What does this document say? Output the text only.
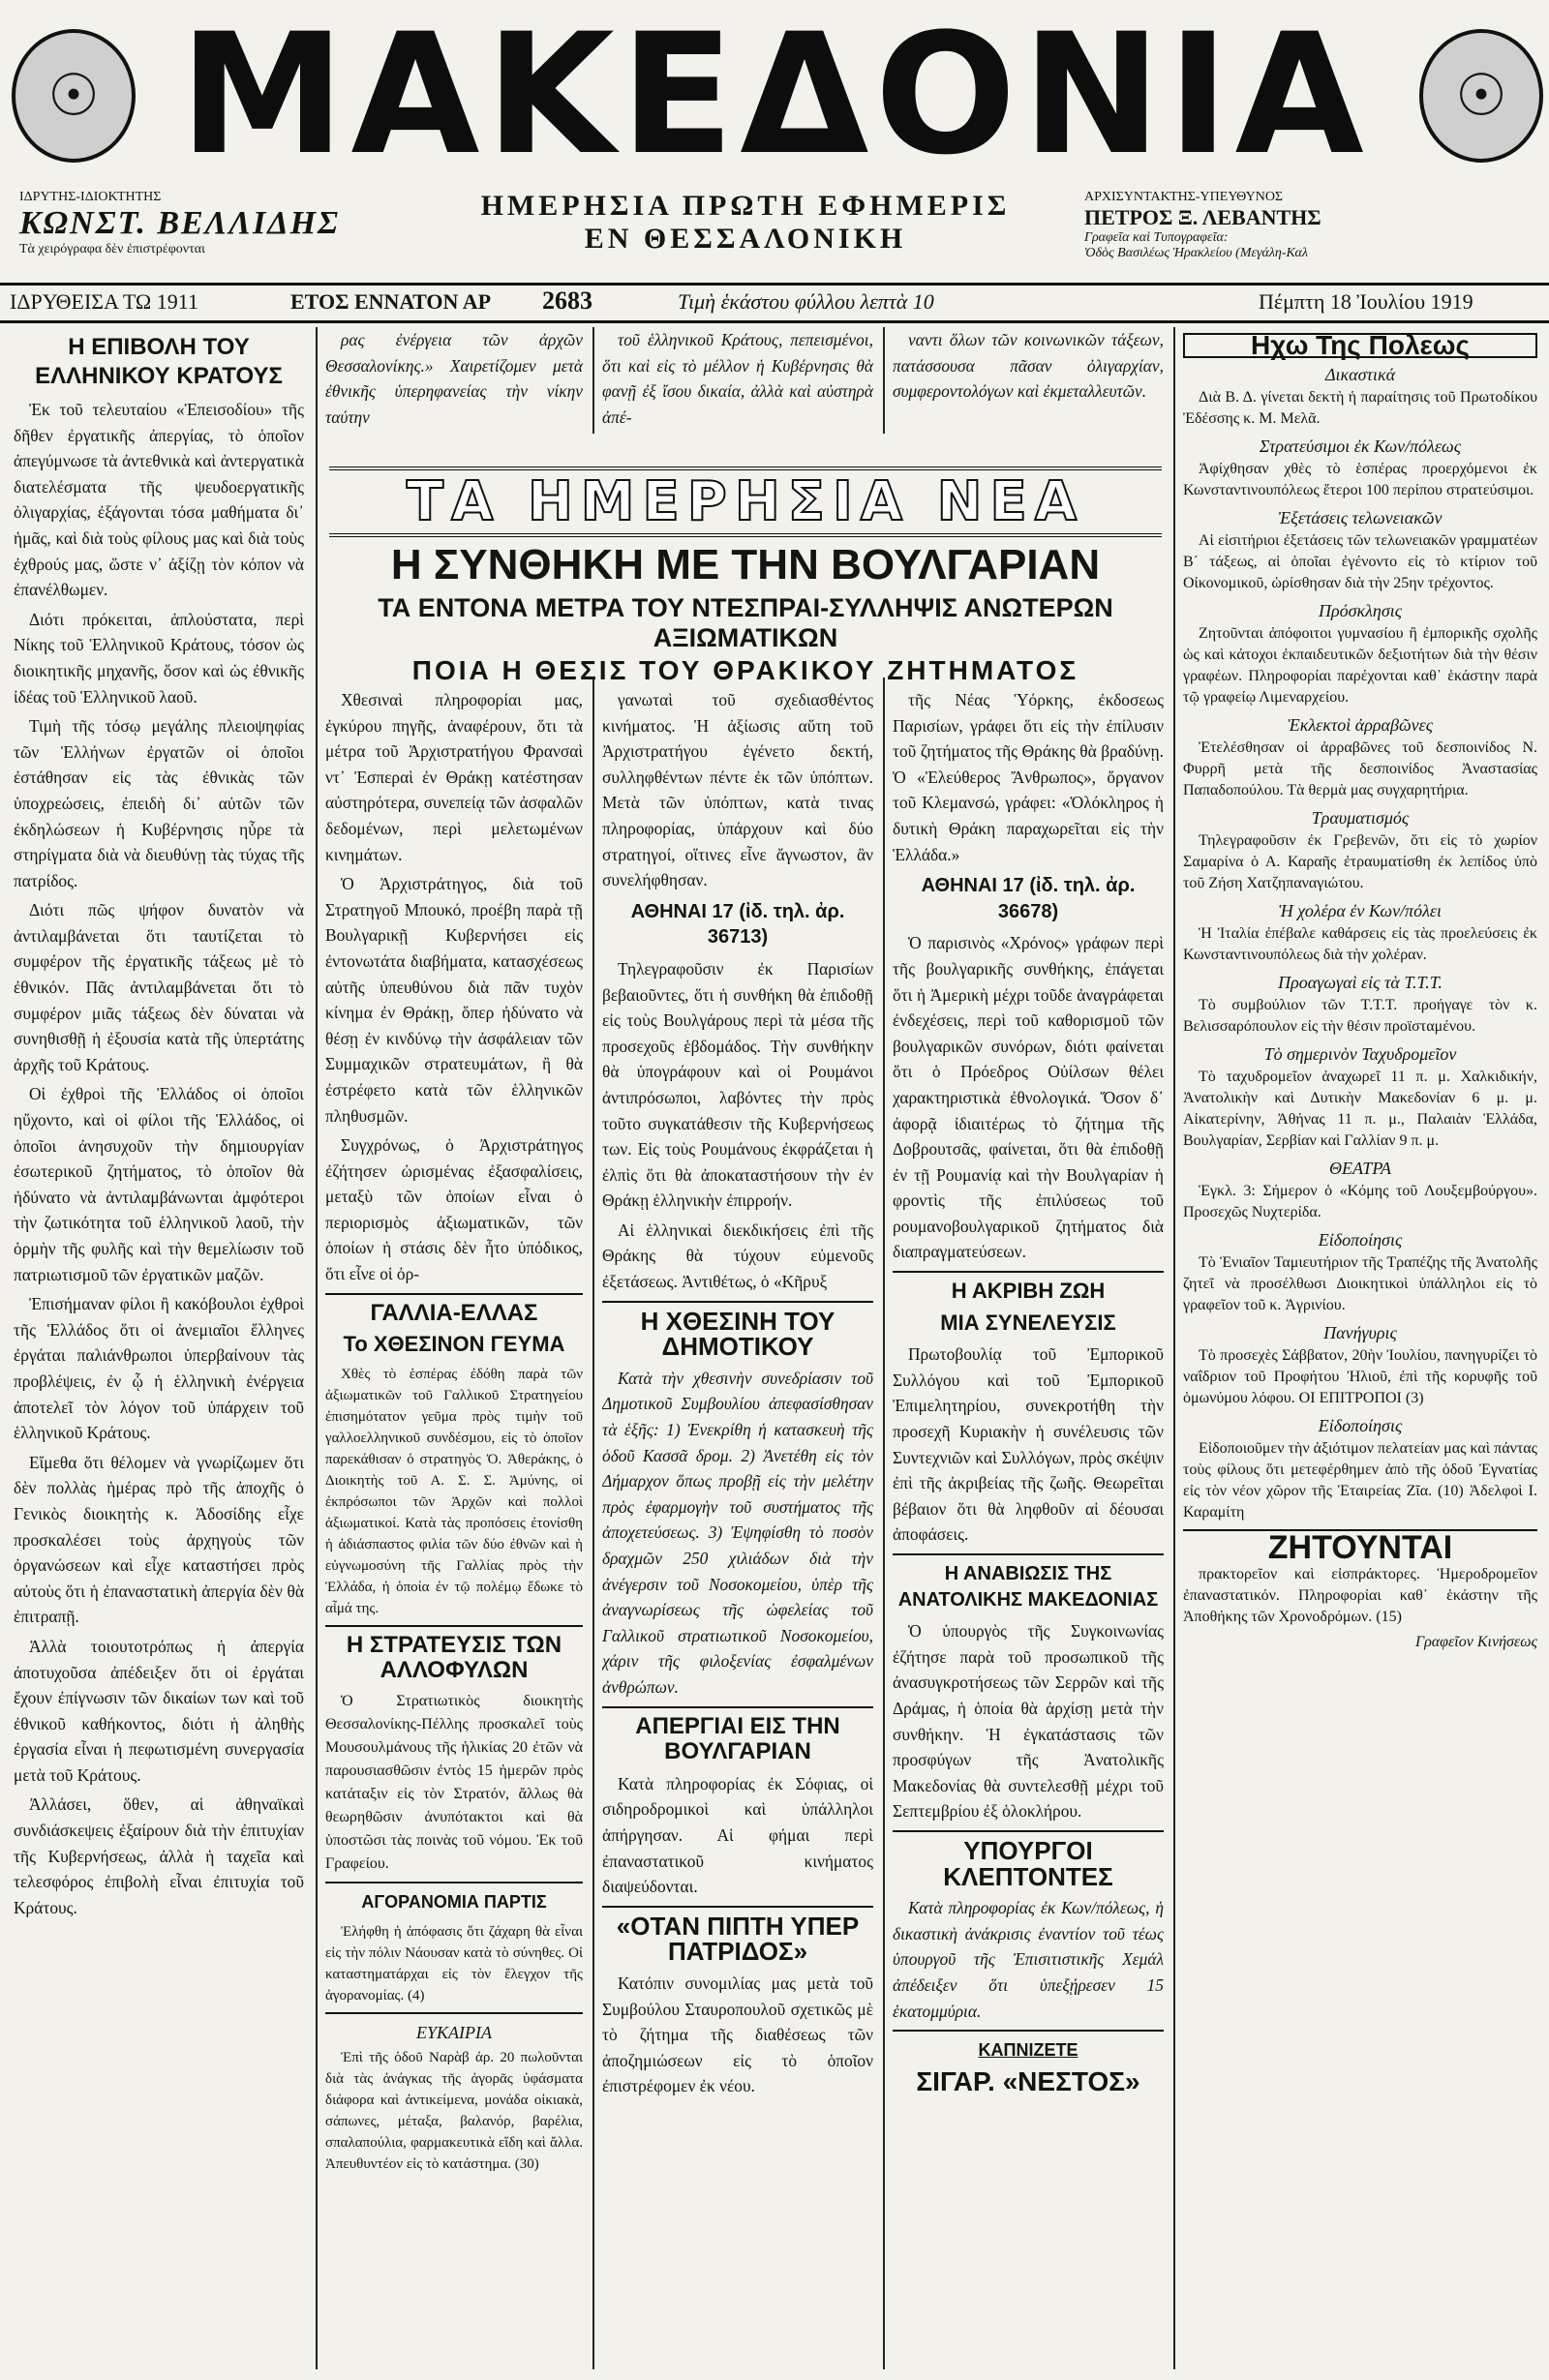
☉ ΜΑΚΕΔΟΝΙΑ	☉
ΙΔΡΥΤΗΣ-ΙΔΙΟΚΤΗΤΗΣ
ΚΩΝΣΤ. ΒΕΛΛΙΔΗΣ
Τὰ χειρόγραφα δὲν ἐπιστρέφονται
ΗΜΕΡΗΣΙΑ ΠΡΩΤΗ ΕΦΗΜΕΡΙΣ
ΕΝ ΘΕΣΣΑΛΟΝΙΚΗ
ΑΡΧΙΣΥΝΤΑΚΤΗΣ-ΥΠΕΥΘΥΝΟΣ
ΠΕΤΡΟΣ Ξ. ΛΕΒΑΝΤΗΣ
Γραφεῖα καὶ Τυπογραφεῖα:
Ὁδὸς Βασιλέως Ἡρακλείου (Μεγάλη-Καλ
ΙΔΡΥΘΕΙΣΑ ΤΩ 1911	ΕΤΟΣ ΕΝΝΑΤΟΝ ΑΡ 2683	Τιμὴ ἑκάστου φύλλου λεπτὰ 10	Πέμπτη 18 Ἰουλίου 1919
Η ΕΠΙΒΟΛΗ ΤΟΥ ΕΛΛΗΝΙΚΟΥ ΚΡΑΤΟΥΣ

Ἐκ τοῦ τελευταίου «Ἐπεισοδίου» τῆς δῆθεν ἐργατικῆς ἀπεργίας, τὸ ὁποῖον ἀπεγύμνωσε τὰ ἀντεθνικὰ καὶ ἀντεργατικὰ διατελέσματα τῆς ψευδοεργατικῆς ὀλιγαρχίας, ἐξάγονται τόσα μαθήματα δι᾽ ἡμᾶς, καὶ διὰ τοὺς φίλους μας καὶ διὰ τοὺς ἐχθρούς μας, ὥστε ν᾽ ἀξίζῃ τὸν κόπον νὰ ἐπανέλθωμεν.

Διότι πρόκειται, ἁπλούστατα, περὶ Νίκης τοῦ Ἑλληνικοῦ Κράτους, τόσον ὡς διοικητικῆς μηχανῆς, ὅσον καὶ ὡς ἐθνικῆς ἰδέας τοῦ Ἑλληνικοῦ λαοῦ.

Τιμὴ τῆς τόσῳ μεγάλης πλειοψηφίας τῶν Ἑλλήνων ἐργατῶν οἱ ὁποῖοι ἐστάθησαν εἰς τὰς ἐθνικὰς τῶν ὑποχρεώσεις, ἐπειδὴ δι᾽ αὐτῶν τῶν ἐκδηλώσεων ἡ Κυβέρνησις ηὗρε τὰ στηρίγματα διὰ νὰ διευθύνῃ τὰς τύχας τῆς πατρίδος.

Διότι πῶς ψήφον δυνατὸν νὰ ἀντιλαμβάνεται ὅτι ταυτίζεται τὸ συμφέρον τῆς ἐργατικῆς τάξεως μὲ τὸ ἐθνικόν. Πᾶς ἀντιλαμβάνεται ὅτι τὸ συμφέρον μιᾶς τάξεως δὲν δύναται νὰ συνηθισθῇ ἡ ἐξουσία κατὰ τῆς ὑπερτάτης ἀρχῆς τοῦ Κράτους.

Οἱ ἐχθροὶ τῆς Ἑλλάδος οἱ ὁποῖοι ηὔχοντο, καὶ οἱ φίλοι τῆς Ἑλλάδος, οἱ ὁποῖοι ἀνησυχοῦν τὴν δημιουργίαν ἐσωτερικοῦ ζητήματος, τὸ ὁποῖον θὰ ἠδύνατο νὰ ἀντιλαμβάνωνται ἀμφότεροι τὴν ζωτικότητα τοῦ ἑλληνικοῦ λαοῦ, τὴν ὁρμὴν τῆς φυλῆς καὶ τὴν θεμελίωσιν τοῦ πατριωτισμοῦ τῶν ἐργατικῶν μαζῶν.

Ἐπισήμαναν φίλοι ἢ κακόβουλοι ἐχθροὶ τῆς Ἑλλάδος ὅτι οἱ ἀνεμιαῖοι ἕλληνες ἐργάται παλιάνθρωποι ὑπερβαίνουν τὰς προβλέψεις, ἐν ᾧ ἡ ἑλληνικὴ ἐνέργεια ἀποτελεῖ τὸν λόγον τοῦ ὑπάρχειν τοῦ ἑλληνικοῦ Κράτους.

Εἴμεθα ὅτι θέλομεν νὰ γνωρίζωμεν ὅτι δὲν πολλὰς ἡμέρας πρὸ τῆς ἀποχῆς ὁ Γενικὸς διοικητὴς κ. Ἀδοσίδης εἶχε προσκαλέσει τοὺς ἀρχηγοὺς τῶν ὀργανώσεων καὶ εἶχε καταστήσει πρὸς αὐτοὺς ὅτι ἡ ἐπαναστατικὴ ἀπεργία δὲν θὰ ἐπιτραπῇ.

Ἀλλὰ τοιουτοτρόπως ἡ ἀπεργία ἀποτυχοῦσα ἀπέδειξεν ὅτι οἱ ἐργάται ἔχουν ἐπίγνωσιν τῶν δικαίων των καὶ τοῦ ἐθνικοῦ καθήκοντος, διότι ἡ ἀληθὴς ἐργασία εἶναι ἡ πεφωτισμένη συνεργασία μετὰ τοῦ Κράτους.

Ἀλλάσει, ὅθεν, αἱ ἀθηναϊκαὶ συνδιάσκεψεις ἐξαίρουν διὰ τὴν ἐπιτυχίαν τῆς Κυβερνήσεως, ἀλλὰ ἡ ταχεῖα καὶ τελεσφόρος ἐπιβολὴ εἶναι ἐπιτυχία τοῦ Κράτους.

ρας ἐνέργεια τῶν ἀρχῶν Θεσσαλονίκης.» Χαιρετίζομεν μετὰ ἐθνικῆς ὑπερηφανείας τὴν νίκην ταύτην

τοῦ ἑλληνικοῦ Κράτους, πεπεισμένοι, ὅτι καὶ εἰς τὸ μέλλον ἡ Κυβέρνησις θὰ φανῇ ἐξ ἴσου δικαία, ἀλλὰ καὶ αὐστηρὰ ἀπέ-

ναντι ὅλων τῶν κοινωνικῶν τάξεων, πατάσσουσα πᾶσαν ὀλιγαρχίαν, συμφεροντολόγων καὶ ἐκμεταλλευτῶν.

ΤΑ ΗΜΕΡΗΣΙΑ ΝΕΑ
Η ΣΥΝΘΗΚΗ ΜΕ ΤΗΝ ΒΟΥΛΓΑΡΙΑΝ
ΤΑ ΕΝΤΟΝΑ ΜΕΤΡΑ ΤΟΥ ΝΤΕΣΠΡΑΙ-ΣΥΛΛΗΨΙΣ ΑΝΩΤΕΡΩΝ ΑΞΙΩΜΑΤΙΚΩΝ
ΠΟΙΑ Η ΘΕΣΙΣ ΤΟΥ ΘΡΑΚΙΚΟΥ ΖΗΤΗΜΑΤΟΣ

Χθεσιναὶ πληροφορίαι μας, ἐγκύρου πηγῆς, ἀναφέρουν, ὅτι τὰ μέτρα τοῦ Ἀρχιστρατήγου Φρανσαὶ ντ᾽ Ἐσπεραὶ ἐν Θράκῃ κατέστησαν αὐστηρότερα, συνεπείᾳ τῶν ἀσφαλῶν δεδομένων, περὶ μελετωμένων κινημάτων.

Ὁ Ἀρχιστράτηγος, διὰ τοῦ Στρατηγοῦ Μπουκό, προέβη παρὰ τῇ Βουλγαρικῇ Κυβερνήσει εἰς ἐντονωτάτα διαβήματα, κατασχέσεως αὐτῆς ὑπευθύνου διὰ πᾶν τυχὸν κίνημα ἐν Θράκῃ, ὅπερ ἠδύνατο νὰ θέσῃ ἐν κινδύνῳ τὴν ἀσφάλειαν τῶν Συμμαχικῶν στρατευμάτων, ἢ θὰ ἐστρέφετο κατὰ τῶν ἑλληνικῶν πληθυσμῶν.

Συγχρόνως, ὁ Ἀρχιστράτηγος ἐζήτησεν ὡρισμένας ἐξασφαλίσεις, μεταξὺ τῶν ὁποίων εἶναι ὁ περιορισμὸς ἀξιωματικῶν, τῶν ὁποίων ἡ στάσις δὲν ἦτο ὑπόδικος, ὅτι εἶνε οἱ ὀρ-

ΓΑΛΛΙΑ-ΕΛΛΑΣ
Το ΧΘΕΣΙΝΟΝ ΓΕΥΜΑ

Χθὲς τὸ ἑσπέρας ἐδόθη παρὰ τῶν ἀξιωματικῶν τοῦ Γαλλικοῦ Στρατηγείου ἐπισημότατον γεῦμα πρὸς τιμὴν τοῦ γαλλοελληνικοῦ συνδέσμου, εἰς τὸ ὁποῖον παρεκάθισαν ὁ στρατηγὸς Ὀ. Ἀθεράκης, ὁ Διοικητὴς τοῦ Α. Σ. Σ. Ἀμύνης, οἱ ἐκπρόσωποι τῶν Ἀρχῶν καὶ πολλοὶ ἀξιωματικοί. Κατὰ τὰς προπόσεις ἐτονίσθη ἡ ἀδιάσπαστος φιλία τῶν δύο ἐθνῶν καὶ ἡ εὐγνωμοσύνη τῆς Γαλλίας πρὸς τὴν Ἑλλάδα, ἡ ὁποία ἐν τῷ πολέμῳ ἔδωκε τὸ αἷμά της.

Η ΣΤΡΑΤΕΥΣΙΣ ΤΩΝ ΑΛΛΟΦΥΛΩΝ

Ὁ Στρατιωτικὸς διοικητὴς Θεσσαλονίκης-Πέλλης προσκαλεῖ τοὺς Μουσουλμάνους τῆς ἡλικίας 20 ἐτῶν νὰ παρουσιασθῶσιν ἐντὸς 15 ἡμερῶν πρὸς κατάταξιν εἰς τὸν Στρατόν, ἄλλως θὰ θεωρηθῶσιν ἀνυπότακτοι καὶ θὰ ὑποστῶσι τὰς ποινὰς τοῦ νόμου. Ἐκ τοῦ Γραφείου.

ΑΓΟΡΑΝΟΜΙΑ ΠΑΡΤΙΣ

Ἐλήφθη ἡ ἀπόφασις ὅτι ζάχαρη θὰ εἶναι εἰς τὴν πόλιν Νάουσαν κατὰ τὸ σύνηθες. Οἱ καταστηματάρχαι εἰς τὸν ἔλεγχον τῆς ἀγορανομίας. (4)

ΕΥΚΑΙΡΙΑ

Ἐπὶ τῆς ὁδοῦ Ναρὰβ ἀρ. 20 πωλοῦνται διὰ τὰς ἀνάγκας τῆς ἀγορᾶς ὑφάσματα διάφορα καὶ ἀντικείμενα, μονάδα οἰκιακὰ, σάπωνες, μέταξα, βαλανόρ, βαρέλια, σπαλαπούλια, φαρμακευτικὰ εἴδη καὶ ἄλλα. Ἀπευθυντέον εἰς τὸ κατάστημα. (30)

γανωταὶ τοῦ σχεδιασθέντος κινήματος. Ἡ ἀξίωσις αὕτη τοῦ Ἀρχιστρατήγου ἐγένετο δεκτή, συλληφθέντων πέντε ἐκ τῶν ὑπόπτων. Μετὰ τῶν ὑπόπτων, κατὰ τινας πληροφορίας, ὑπάρχουν καὶ δύο στρατηγοί, οἵτινες εἶνε ἄγνωστον, ἂν συνελήφθησαν.

ΑΘΗΝΑΙ 17 (ἰδ. τηλ. ἀρ. 36713)

Τηλεγραφοῦσιν ἐκ Παρισίων βεβαιοῦντες, ὅτι ἡ συνθήκη θὰ ἐπιδοθῇ εἰς τοὺς Βουλγάρους περὶ τὰ μέσα τῆς προσεχοῦς ἑβδομάδος. Τὴν συνθήκην θὰ ὑπογράφουν καὶ οἱ Ρουμάνοι ἀντιπρόσωποι, λαβόντες τὴν πρὸς τοῦτο συγκατάθεσιν τῆς Κυβερνήσεως των. Εἰς τοὺς Ρουμάνους ἐκφράζεται ἡ ἐλπὶς ὅτι θὰ ἀποκαταστήσουν τὴν ἐν Θράκῃ ἑλληνικὴν ἐπιρροήν.

Αἱ ἑλληνικαὶ διεκδικήσεις ἐπὶ τῆς Θράκης θὰ τύχουν εὐμενοῦς ἐξετάσεως. Ἀντιθέτως, ὁ «Κῆρυξ

Η ΧΘΕΣΙΝΗ ΤΟΥ ΔΗΜΟΤΙΚΟΥ

Κατὰ τὴν χθεσινὴν συνεδρίασιν τοῦ Δημοτικοῦ Συμβουλίου ἀπεφασίσθησαν τὰ ἑξῆς: 1) Ἐνεκρίθη ἡ κατασκευὴ τῆς ὁδοῦ Κασσᾶ δρομ. 2) Ἀνετέθη εἰς τὸν Δήμαρχον ὅπως προβῇ εἰς τὴν μελέτην πρὸς ἐφαρμογὴν τοῦ συστήματος τῆς ἀποχετεύσεως. 3) Ἐψηφίσθη τὸ ποσὸν δραχμῶν 250 χιλιάδων διὰ τὴν ἀνέγερσιν τοῦ Νοσοκομείου, ὑπὲρ τῆς ἀναγνωρίσεως τῆς ὠφελείας τοῦ Γαλλικοῦ στρατιωτικοῦ Νοσοκομείου, χάριν τῆς φιλοξενίας ἐσφαλμένων ἀνθρώπων.

ΑΠΕΡΓΙΑΙ ΕΙΣ ΤΗΝ ΒΟΥΛΓΑΡΙΑΝ

Κατὰ πληροφορίας ἐκ Σόφιας, οἱ σιδηροδρομικοὶ καὶ ὑπάλληλοι ἀπήργησαν. Αἱ φήμαι περὶ ἐπαναστατικοῦ κινήματος διαψεύδονται.

«ΟΤΑΝ ΠΙΠΤΗ ΥΠΕΡ ΠΑΤΡΙΔΟΣ»

Κατόπιν συνομιλίας μας μετὰ τοῦ Συμβούλου Σταυροπουλοῦ σχετικῶς μὲ τὸ ζήτημα τῆς διαθέσεως τῶν ἀποζημιώσεων εἰς τὸ ὁποῖον ἐπιστρέφομεν ἐκ νέου.

τῆς Νέας Ὑόρκης, ἐκδοσεως Παρισίων, γράφει ὅτι εἰς τὴν ἐπίλυσιν τοῦ ζητήματος τῆς Θράκης θὰ βραδύνῃ. Ὁ «Ἐλεύθερος Ἄνθρωπος», ὄργανον τοῦ Κλεμανσώ, γράφει: «Ὁλόκληρος ἡ δυτικὴ Θράκη παραχωρεῖται εἰς τὴν Ἑλλάδα.»

ΑΘΗΝΑΙ 17 (ἰδ. τηλ. ἀρ. 36678)

Ὁ παρισινὸς «Χρόνος» γράφων περὶ τῆς βουλγαρικῆς συνθήκης, ἐπάγεται ὅτι ἡ Ἀμερικὴ μέχρι τοῦδε ἀναγράφεται ἐνδεχέσεις, περὶ τοῦ καθορισμοῦ τῶν βουλγαρικῶν συνόρων, διότι φαίνεται ὅτι ὁ Πρόεδρος Οὐίλσων θέλει χαρακτηριστικὰ ἐθνολογικά. Ὅσον δ᾽ ἀφορᾷ ἰδιαιτέρως τὸ ζήτημα τῆς Δοβρουτσᾶς, φαίνεται, ὅτι θὰ ἐπιδοθῇ ἐν τῇ Ρουμανίᾳ καὶ τὴν Βουλγαρίαν ἡ φροντὶς τῆς ἐπιλύσεως τοῦ ρουμανοβουλγαρικοῦ ζητήματος διὰ διαπραγματεύσεων.

Η ΑΚΡΙΒΗ ΖΩΗ
ΜΙΑ ΣΥΝΕΛΕΥΣΙΣ

Πρωτοβουλίᾳ τοῦ Ἐμπορικοῦ Συλλόγου καὶ τοῦ Ἐμπορικοῦ Ἐπιμελητηρίου, συνεκροτήθη τὴν προσεχῆ Κυριακὴν ἡ συνέλευσις τῶν Συντεχνιῶν καὶ Συλλόγων, πρὸς σκέψιν ἐπὶ τῆς ἀκριβείας τῆς ζωῆς. Θεωρεῖται βέβαιον ὅτι θὰ ληφθοῦν αἱ δέουσαι ἀποφάσεις.

Η ΑΝΑΒΙΩΣΙΣ ΤΗΣ ΑΝΑΤΟΛΙΚΗΣ ΜΑΚΕΔΟΝΙΑΣ

Ὁ ὑπουργὸς τῆς Συγκοινωνίας ἐζήτησε παρὰ τοῦ προσωπικοῦ τῆς ἀνασυγκροτήσεως τῶν Σερρῶν καὶ τῆς Δράμας, ἡ ὁποία θὰ ἀρχίσῃ μετὰ τὴν συνθήκην. Ἡ ἐγκατάστασις τῶν προσφύγων τῆς Ἀνατολικῆς Μακεδονίας θὰ συντελεσθῇ μέχρι τοῦ Σεπτεμβρίου ἐξ ὁλοκλήρου.

ΥΠΟΥΡΓΟΙ ΚΛΕΠΤΟΝΤΕΣ

Κατὰ πληροφορίας ἐκ Κων/πόλεως, ἡ δικαστικὴ ἀνάκρισις ἐναντίον τοῦ τέως ὑπουργοῦ τῆς Ἐπισιτιστικῆς Χεμάλ ἀπέδειξεν ὅτι ὑπεξῄρεσεν 15 ἑκατομμύρια.

ΚΑΠΝΙΖΕΤΕ
ΣΙΓΑΡ. «ΝΕΣΤΟΣ»
Ηχω Της Πολεως
Δικαστικά

Διὰ Β. Δ. γίνεται δεκτὴ ἡ παραίτησις τοῦ Πρωτοδίκου Ἐδέσσης κ. Μ. Μελᾶ.

Στρατεύσιμοι ἐκ Κων/πόλεως

Ἀφίχθησαν χθὲς τὸ ἑσπέρας προερχόμενοι ἐκ Κωνσταντινουπόλεως ἔτεροι 100 περίπου στρατεύσιμοι.

Ἐξετάσεις τελωνειακῶν

Αἱ εἰσιτήριοι ἐξετάσεις τῶν τελωνειακῶν γραμματέων Β΄ τάξεως, αἱ ὁποῖαι ἐγένοντο εἰς τὸ κτίριον τοῦ Οἰκονομικοῦ, ὡρίσθησαν διὰ τὴν 25ην τρέχοντος.

Πρόσκλησις

Ζητοῦνται ἀπόφοιτοι γυμνασίου ἢ ἐμπορικῆς σχολῆς ὡς καὶ κάτοχοι ἐκπαιδευτικῶν δεξιοτήτων διὰ τὴν θέσιν γραφέων. Πληροφορίαι παρέχονται καθ᾽ ἑκάστην παρὰ τῷ γραφείῳ Λιμεναρχείου.

Ἐκλεκτοὶ ἀρραβῶνες

Ἐτελέσθησαν οἱ ἀρραβῶνες τοῦ δεσποινίδος Ν. Φυρρῆ μετὰ τῆς δεσποινίδος Ἀναστασίας Παπαδοπούλου. Τὰ θερμὰ μας συγχαρητήρια.

Τραυματισμός

Τηλεγραφοῦσιν ἐκ Γρεβενῶν, ὅτι εἰς τὸ χωρίον Σαμαρίνα ὁ Α. Καραῆς ἐτραυματίσθη ἐκ λεπίδος ὑπὸ τοῦ Ζήση Χατζηπαναγιώτου.

Ἡ χολέρα ἐν Κων/πόλει

Ἡ Ἰταλία ἐπέβαλε καθάρσεις εἰς τὰς προελεύσεις ἐκ Κωνσταντινουπόλεως διὰ τὴν χολέραν.

Προαγωγαὶ εἰς τὰ Τ.Τ.Τ.

Τὸ συμβούλιον τῶν Τ.Τ.Τ. προήγαγε τὸν κ. Βελισσαρόπουλον εἰς τὴν θέσιν προϊσταμένου.

Τὸ σημερινὸν Ταχυδρομεῖον

Τὸ ταχυδρομεῖον ἀναχωρεῖ 11 π. μ. Χαλκιδικήν, Ἀνατολικὴν καὶ Δυτικὴν Μακεδονίαν 6 μ. μ. Αἰκατερίνην, Ἀθήνας 11 π. μ., Παλαιὰν Ἑλλάδα, Βουλγαρίαν, Σερβίαν καὶ Γαλλίαν 9 π. μ.

ΘΕΑΤΡΑ

Ἐγκλ. 3: Σήμερον ὁ «Κόμης τοῦ Λουξεμβούργου». Προσεχῶς Νυχτερίδα.

Εἰδοποίησις

Τὸ Ἑνιαῖον Ταμιευτήριον τῆς Τραπέζης τῆς Ἀνατολῆς ζητεῖ νὰ προσέλθωσι Διοικητικοὶ ὑπάλληλοι εἰς τὸ γραφεῖον τοῦ κ. Ἀγρινίου.

Πανήγυρις

Τὸ προσεχὲς Σάββατον, 20ὴν Ἰουλίου, πανηγυρίζει τὸ ναΐδριον τοῦ Προφήτου Ἠλιοῦ, ἐπὶ τῆς κορυφῆς τοῦ ὁμωνύμου λόφου. ΟΙ ΕΠΙΤΡΟΠΟΙ (3)

Εἰδοποίησις

Εἰδοποιοῦμεν τὴν ἀξιότιμον πελατείαν μας καὶ πάντας τοὺς φίλους ὅτι μετεφέρθημεν ἀπὸ τῆς ὁδοῦ Ἐγνατίας εἰς τὸν νέον χῶρον τῆς Ἑταιρείας Ζῖα. (10) Ἀδελφοὶ Ι. Καραμίτη

ΖΗΤΟΥΝΤΑΙ

πρακτορεῖον καὶ εἰσπράκτορες. Ἡμεροδρομεῖον ἐπαναστατικόν. Πληροφορίαι καθ᾽ ἑκάστην τῆς Ἀποθήκης τῶν Χρονοδρόμων. (15)

Γραφεῖον Κινήσεως
